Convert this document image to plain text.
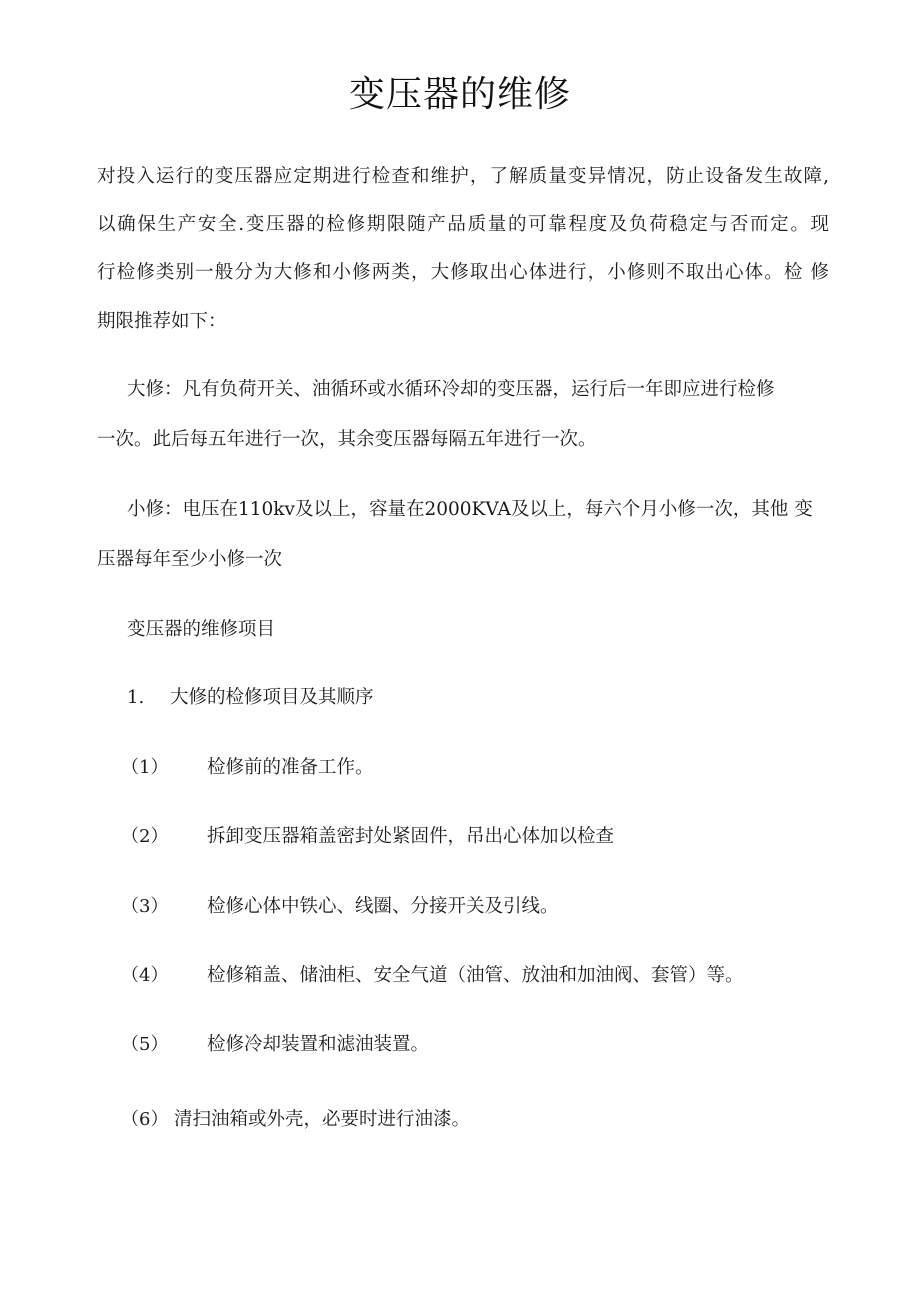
变压器的维修
对投入运行的变压器应定期进行检查和维护，了解质量变异情况，防止设备发生故障,
以确保生产安全.变压器的检修期限随产品质量的可靠程度及负荷稳定与否而定。现
行检修类别一般分为大修和小修两类，大修取出心体进行，小修则不取出心体。检 修
期限推荐如下：
大修：凡有负荷开关、油循环或水循环冷却的变压器，运行后一年即应进行检修
一次。此后每五年进行一次，其余变压器每隔五年进行一次。
小修：电压在110kv及以上，容量在2000KVA及以上，每六个月小修一次，其他 变
压器每年至少小修一次
变压器的维修项目
1. 大修的检修项目及其顺序
（1） 检修前的准备工作。
（2） 拆卸变压器箱盖密封处紧固件，吊出心体加以检查
（3） 检修心体中铁心、线圈、分接开关及引线。
（4） 检修箱盖、储油柜、安全气道（油管、放油和加油阀、套管）等。
（5） 检修冷却装置和滤油装置。
（6） 清扫油箱或外壳，必要时进行油漆。
